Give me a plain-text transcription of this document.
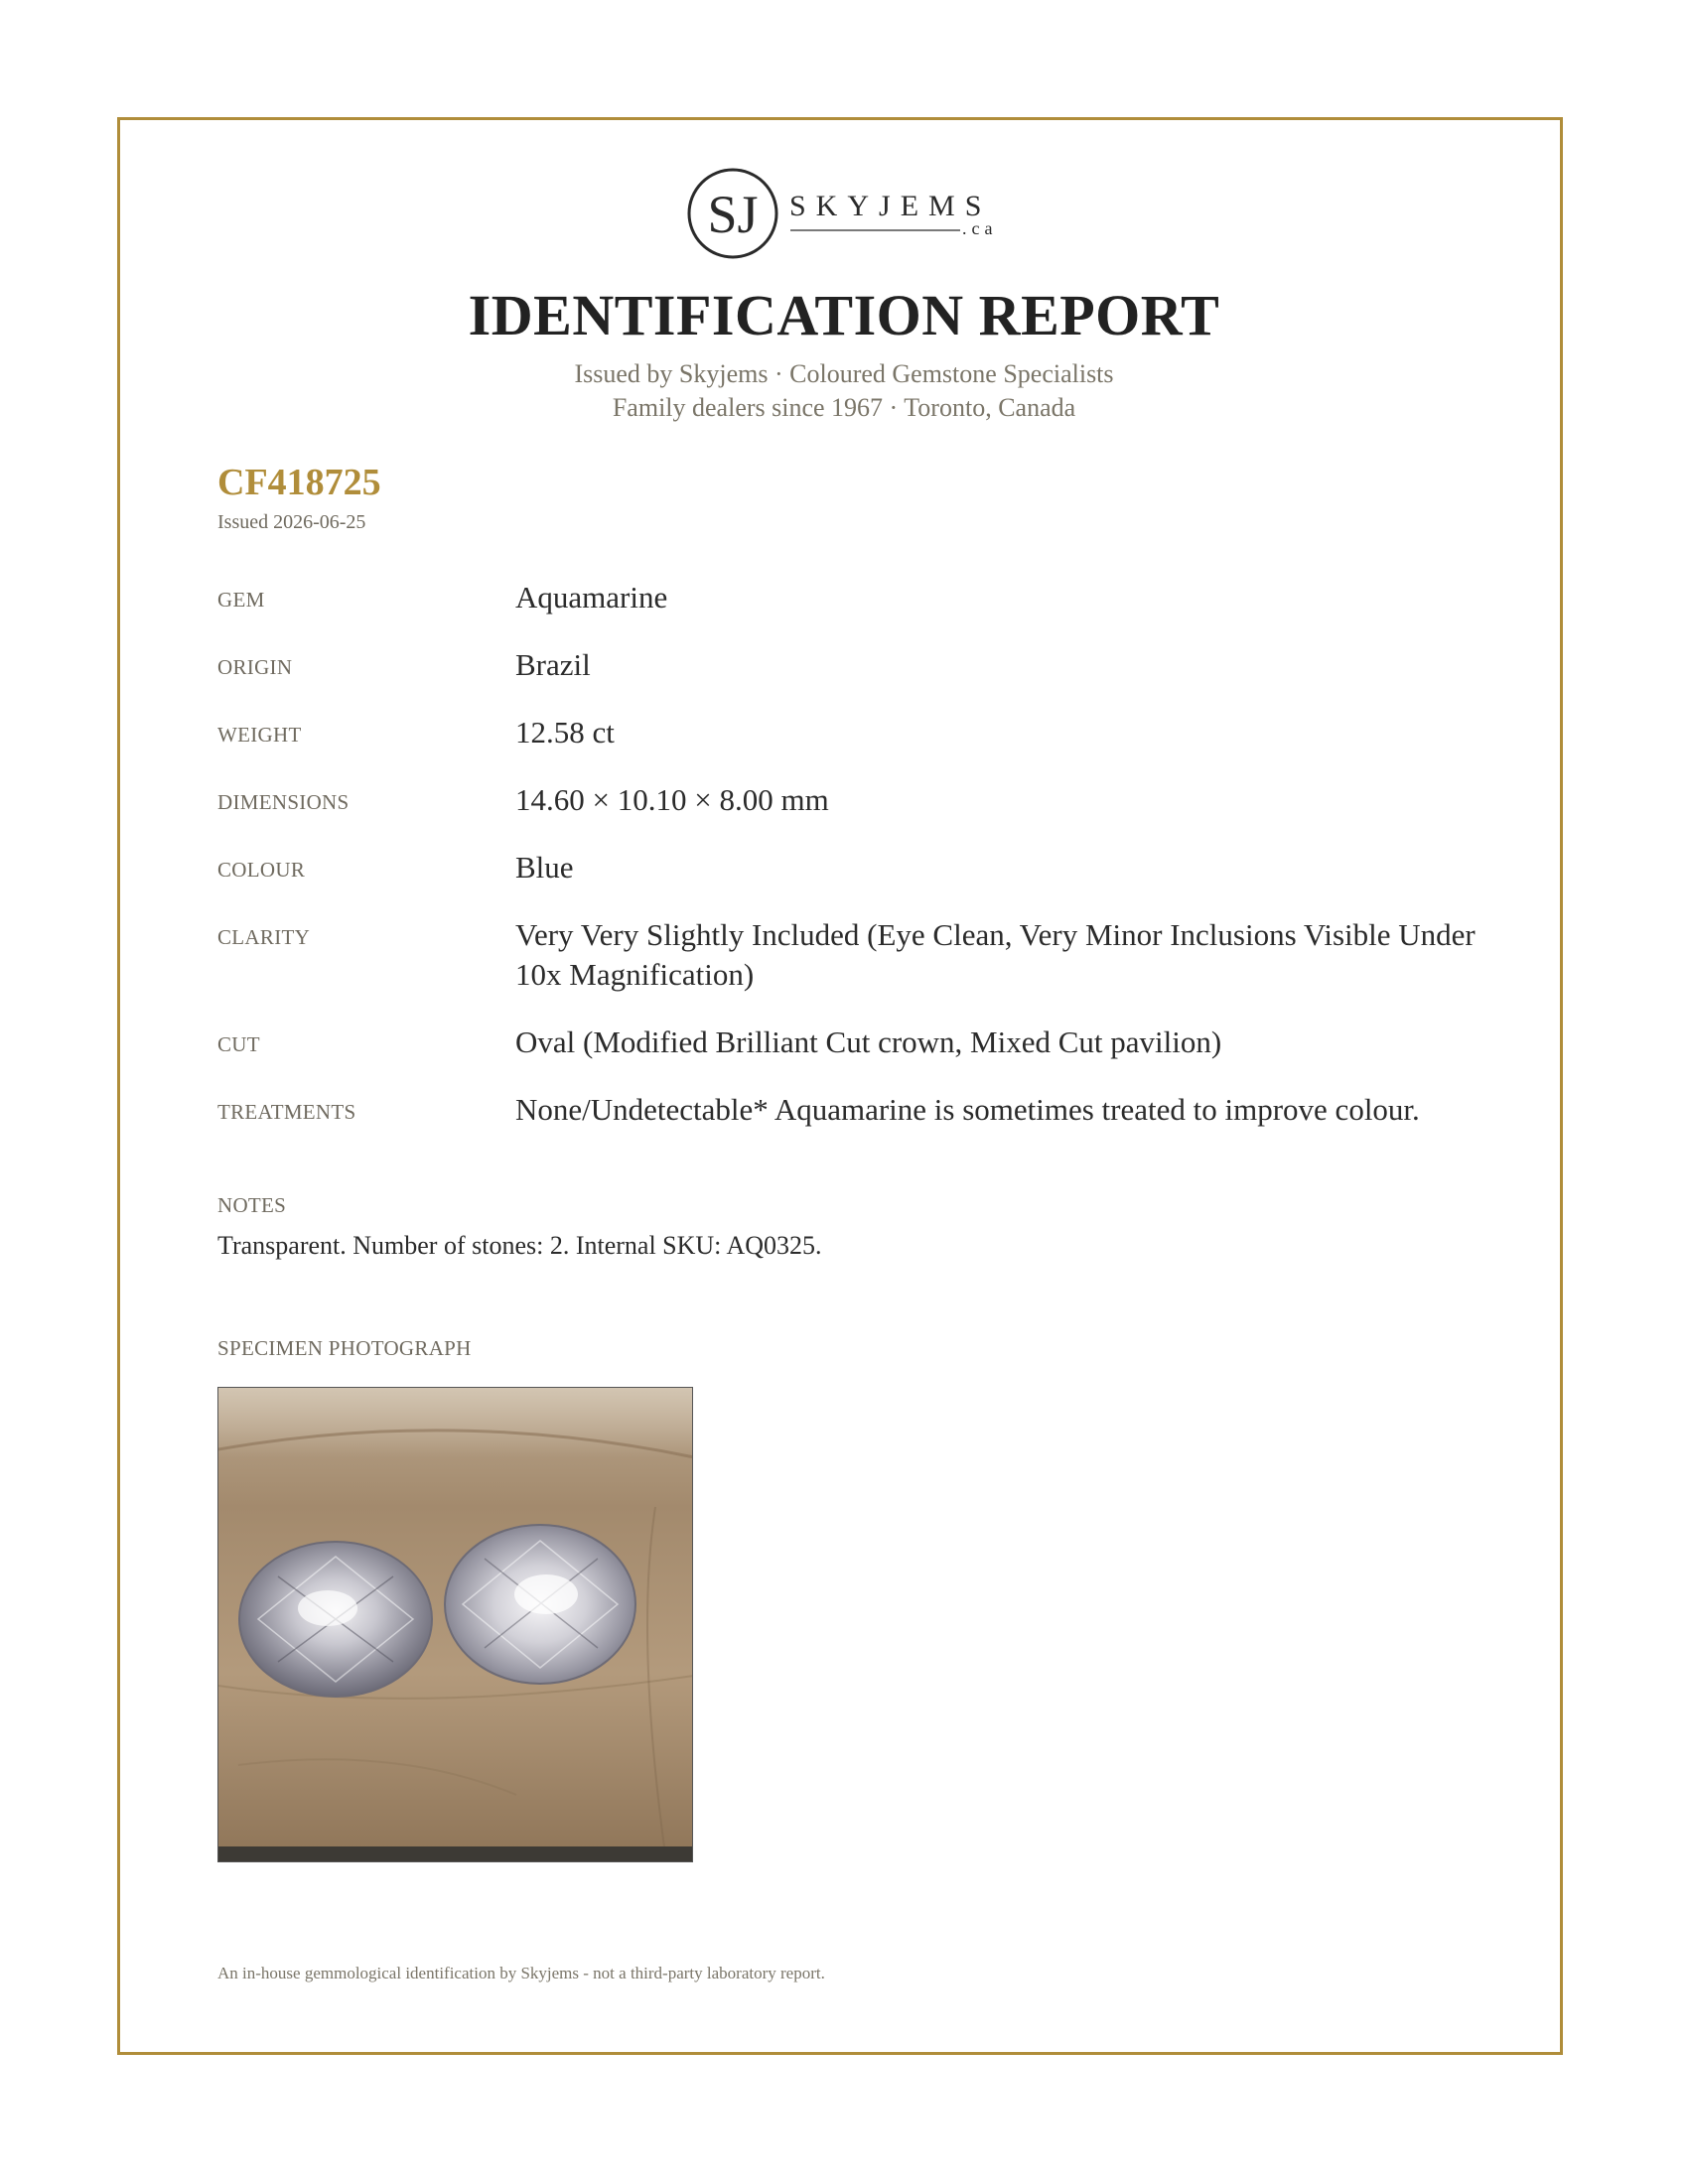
SJ SKYJEMS
.ca
IDENTIFICATION REPORT
Issued by Skyjems · Coloured Gemstone Specialists
Family dealers since 1967 · Toronto, Canada
CF418725
Issued 2026-06-25
GEM	Aquamarine
ORIGIN	Brazil
WEIGHT	12.58 ct
DIMENSIONS	14.60 × 10.10 × 8.00 mm
COLOUR	Blue
CLARITY	Very Very Slightly Included (Eye Clean, Very Minor Inclusions Visible Under 10x Magnification)
CUT	Oval (Modified Brilliant Cut crown, Mixed Cut pavilion)
TREATMENTS	None/Undetectable* Aquamarine is sometimes treated to improve colour.
NOTES
Transparent. Number of stones: 2. Internal SKU: AQ0325.
SPECIMEN PHOTOGRAPH
An in-house gemmological identification by Skyjems - not a third-party laboratory report.
